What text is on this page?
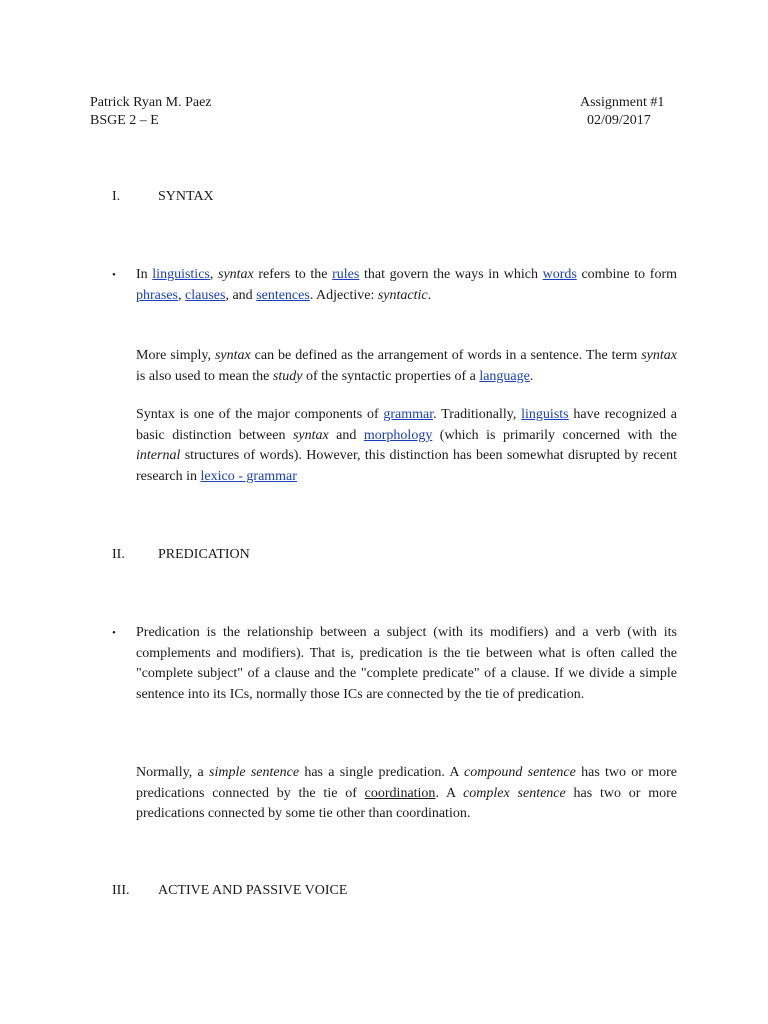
Patrick Ryan M. Paez
BSGE 2 – E
Assignment #1
02/09/2017
I.	SYNTAX
• In linguistics, syntax refers to the rules that govern the ways in which words combine to form phrases, clauses, and sentences. Adjective: syntactic.
More simply, syntax can be defined as the arrangement of words in a sentence. The term syntax is also used to mean the study of the syntactic properties of a language.
Syntax is one of the major components of grammar. Traditionally, linguists have recognized a basic distinction between syntax and morphology (which is primarily concerned with the internal structures of words). However, this distinction has been somewhat disrupted by recent research in lexico - grammar
II. PREDICATION
• Predication is the relationship between a subject (with its modifiers) and a verb (with its complements and modifiers). That is, predication is the tie between what is often called the "complete subject" of a clause and the "complete predicate" of a clause. If we divide a simple sentence into its ICs, normally those ICs are connected by the tie of predication.
Normally, a simple sentence has a single predication. A compound sentence has two or more predications connected by the tie of coordination. A complex sentence has two or more predications connected by some tie other than coordination.
III. ACTIVE AND PASSIVE VOICE
